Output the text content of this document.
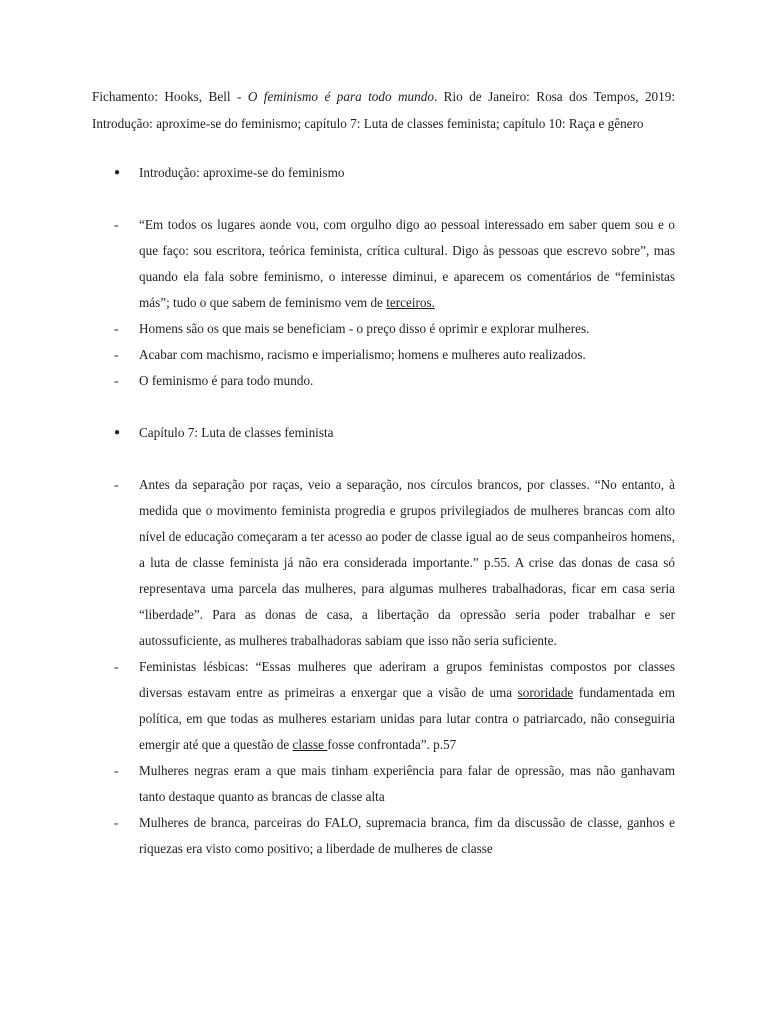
Fichamento: Hooks, Bell - O feminismo é para todo mundo. Rio de Janeiro: Rosa dos Tempos, 2019: Introdução: aproxime-se do feminismo; capítulo 7: Luta de classes feminista; capítulo 10: Raça e gênero

● Introdução: aproxime-se do feminismo

- “Em todos os lugares aonde vou, com orgulho digo ao pessoal interessado em saber quem sou e o que faço: sou escritora, teórica feminista, crítica cultural. Digo às pessoas que escrevo sobre”, mas quando ela fala sobre feminismo, o interesse diminui, e aparecem os comentários de “feministas más”; tudo o que sabem de feminismo vem de terceiros.

- Homens são os que mais se beneficiam - o preço disso é oprimir e explorar mulheres.

- Acabar com machismo, racismo e imperialismo; homens e mulheres auto realizados.

- O feminismo é para todo mundo.

● Capítulo 7: Luta de classes feminista

- Antes da separação por raças, veio a separação, nos círculos brancos, por classes. “No entanto, à medida que o movimento feminista progredia e grupos privilegiados de mulheres brancas com alto nível de educação começaram a ter acesso ao poder de classe igual ao de seus companheiros homens, a luta de classe feminista já não era considerada importante.” p.55. A crise das donas de casa só representava uma parcela das mulheres, para algumas mulheres trabalhadoras, ficar em casa seria “liberdade”. Para as donas de casa, a libertação da opressão seria poder trabalhar e ser autossuficiente, as mulheres trabalhadoras sabiam que isso não seria suficiente.

- Feministas lésbicas: “Essas mulheres que aderiram a grupos feministas compostos por classes diversas estavam entre as primeiras a enxergar que a visão de uma sororidade fundamentada em política, em que todas as mulheres estariam unidas para lutar contra o patriarcado, não conseguiria emergir até que a questão de classe fosse confrontada”. p.57

- Mulheres negras eram a que mais tinham experiência para falar de opressão, mas não ganhavam tanto destaque quanto as brancas de classe alta

- Mulheres de branca, parceiras do FALO, supremacia branca, fim da discussão de classe, ganhos e riquezas era visto como positivo; a liberdade de mulheres de classe
